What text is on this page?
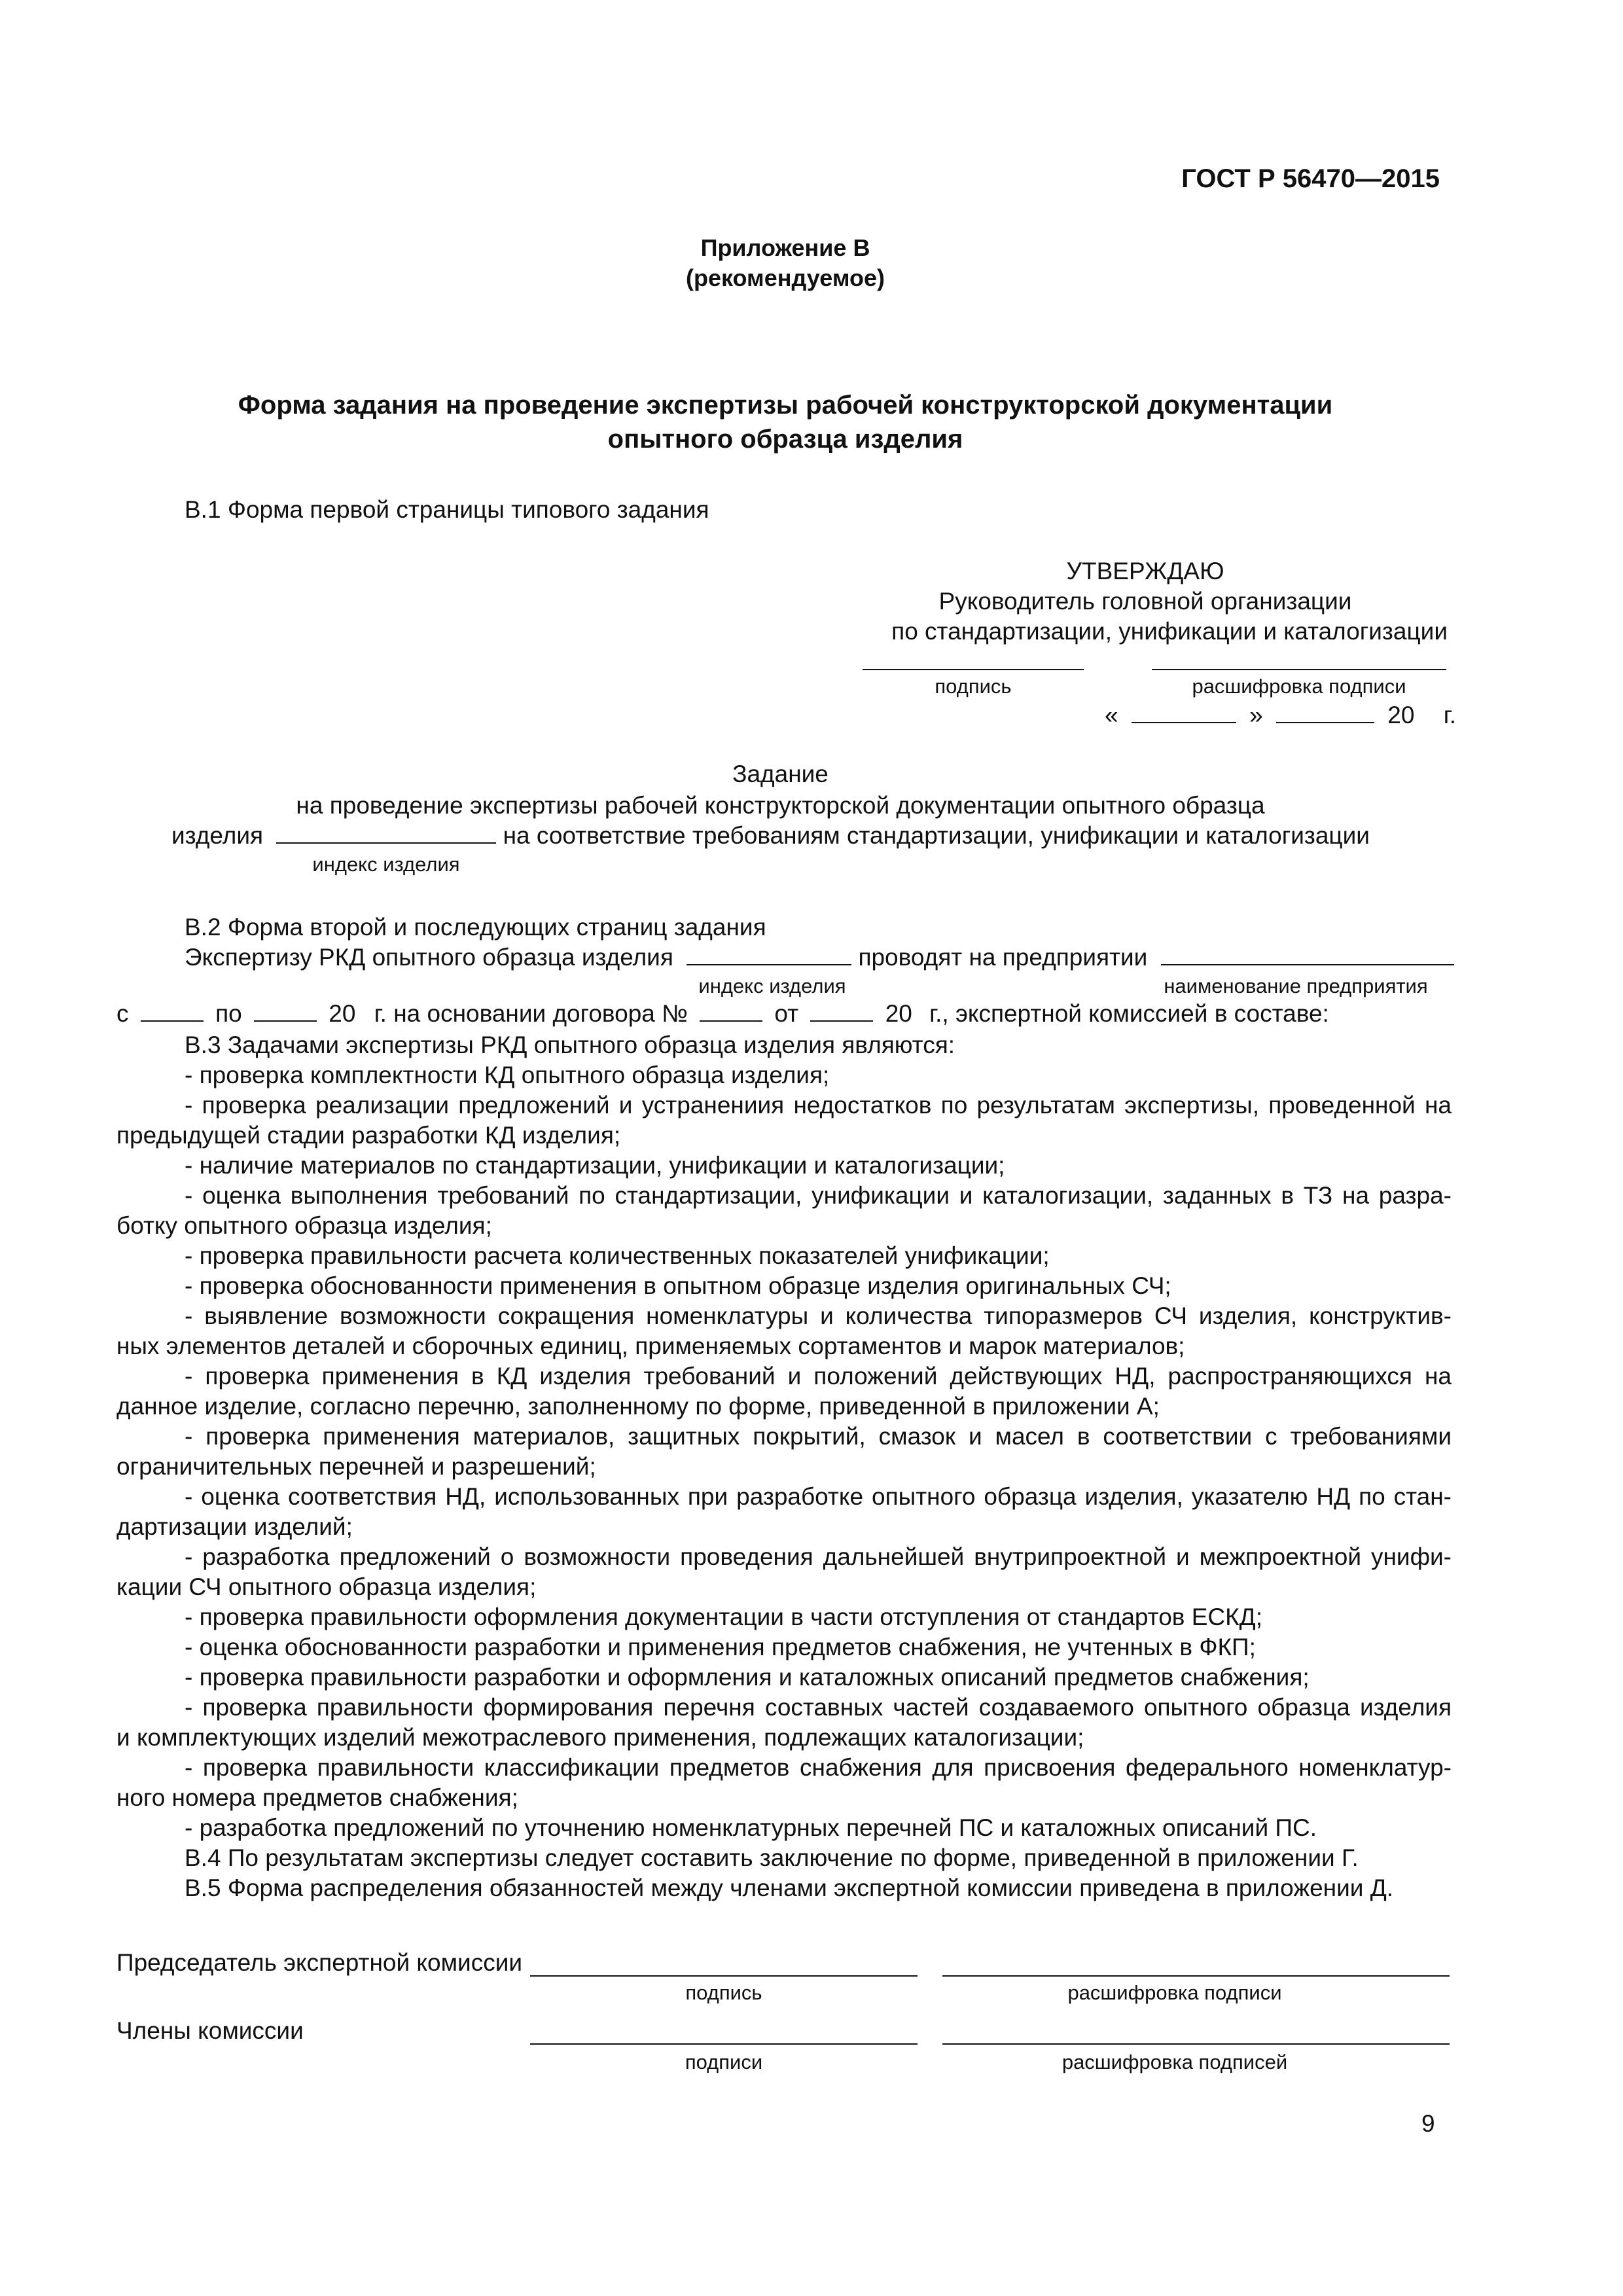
ГОСТ Р 56470—2015
Приложение В
(рекомендуемое)
Форма задания на проведение экспертизы рабочей конструкторской документации
опытного образца изделия
В.1 Форма первой страницы типового задания
УТВЕРЖДАЮ
Руководитель головной организации
по стандартизации, унификации и каталогизации
подпись	расшифровка подписи
«	»	20 г.
Задание
на проведение экспертизы рабочей конструкторской документации опытного образца
изделия	на соответствие требованиям стандартизации, унификации и каталогизации
индекс изделия
В.2 Форма второй и последующих страниц задания
Экспертизу РКД опытного образца изделия	проводят на предприятии
индекс изделия	наименование предприятия
с	по	20 г. на основании договора №	от	20 г., экспертной комиссией в составе:
В.3 Задачами экспертизы РКД опытного образца изделия являются:
- проверка комплектности КД опытного образца изделия;
- проверка реализации предложений и устранениия недостатков по результатам экспертизы, проведенной на
предыдущей стадии разработки КД изделия;
- наличие материалов по стандартизации, унификации и каталогизации;
- оценка выполнения требований по стандартизации, унификации и каталогизации, заданных в ТЗ на разра-
ботку опытного образца изделия;
- проверка правильности расчета количественных показателей унификации;
- проверка обоснованности применения в опытном образце изделия оригинальных СЧ;
- выявление возможности сокращения номенклатуры и количества типоразмеров СЧ изделия, конструктив-
ных элементов деталей и сборочных единиц, применяемых сортаментов и марок материалов;
- проверка применения в КД изделия требований и положений действующих НД, распространяющихся на
данное изделие, согласно перечню, заполненному по форме, приведенной в приложении А;
- проверка применения материалов, защитных покрытий, смазок и масел в соответствии с требованиями
ограничительных перечней и разрешений;
- оценка соответствия НД, использованных при разработке опытного образца изделия, указателю НД по стан-
дартизации изделий;
- разработка предложений о возможности проведения дальнейшей внутрипроектной и межпроектной унифи-
кации СЧ опытного образца изделия;
- проверка правильности оформления документации в части отступления от стандартов ЕСКД;
- оценка обоснованности разработки и применения предметов снабжения, не учтенных в ФКП;
- проверка правильности разработки и оформления и каталожных описаний предметов снабжения;
- проверка правильности формирования перечня составных частей создаваемого опытного образца изделия
и комплектующих изделий межотраслевого применения, подлежащих каталогизации;
- проверка правильности классификации предметов снабжения для присвоения федерального номенклатур-
ного номера предметов снабжения;
- разработка предложений по уточнению номенклатурных перечней ПС и каталожных описаний ПС.
В.4 По результатам экспертизы следует составить заключение по форме, приведенной в приложении Г.
В.5 Форма распределения обязанностей между членами экспертной комиссии приведена в приложении Д.
Председатель экспертной комиссии
подпись	расшифровка подписи
Члены комиссии
подписи	расшифровка подписей
9
